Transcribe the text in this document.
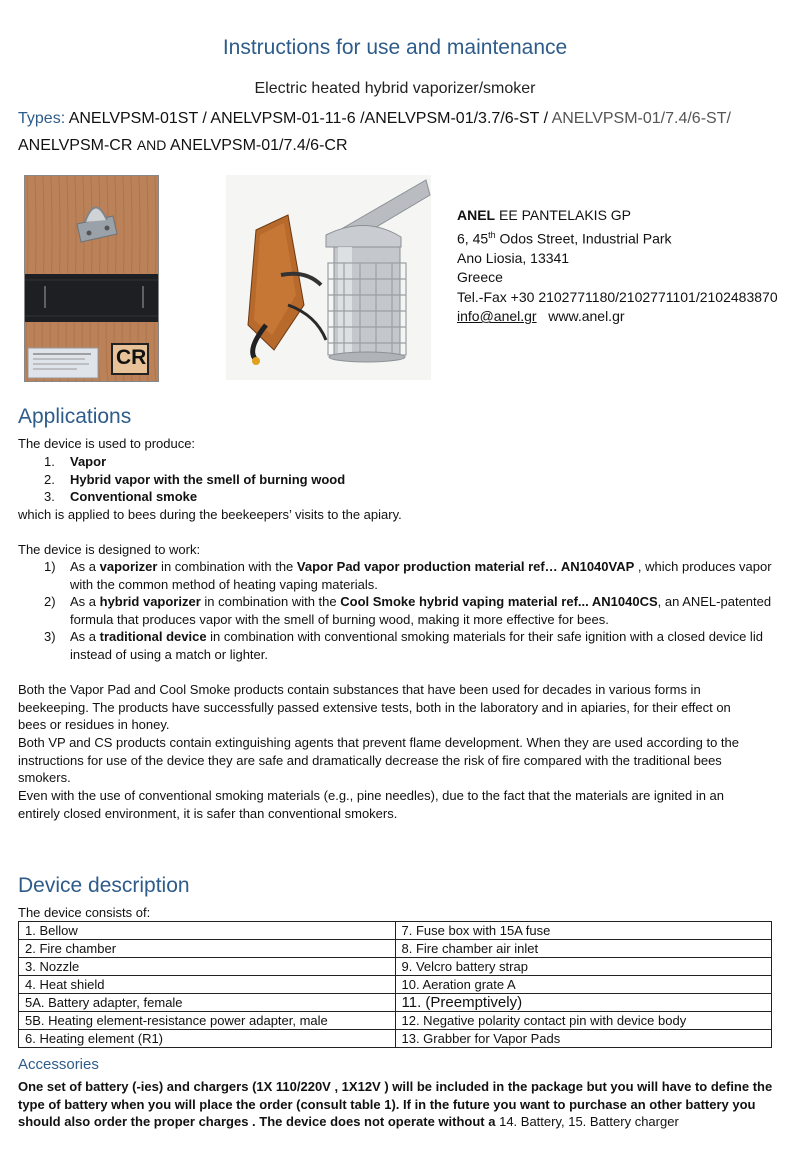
Instructions for use and maintenance
Electric heated hybrid vaporizer/smoker
Types: ANELVPSM-01ST / ANELVPSM-01-11-6 /ANELVPSM-01/3.7/6-ST / ANELVPSM-01/7.4/6-ST/
ANELVPSM-CR AND ANELVPSM-01/7.4/6-CR
CR
ANEL EE PANTELAKIS GP
6, 45th Odos Street, Industrial Park
Ano Liosia, 13341
Greece
Tel.-Fax +30 2102771180/2102771101/2102483870
info@anel.gr www.anel.gr
Applications
The device is used to produce:
1. Vapor
2. Hybrid vapor with the smell of burning wood
3. Conventional smoke
which is applied to bees during the beekeepers’ visits to the apiary.
The device is designed to work:
1)	As a vaporizer in combination with the Vapor Pad vapor production material ref… AN1040VAP , which produces vapor with the common method of heating vaping materials.
2)	As a hybrid vaporizer in combination with the Cool Smoke hybrid vaping material ref... AN1040CS, an ANEL-patented formula that produces vapor with the smell of burning wood, making it more effective for bees.
3)	As a traditional device in combination with conventional smoking materials for their safe ignition with a closed device lid instead of using a match or lighter.
Both the Vapor Pad and Cool Smoke products contain substances that have been used for decades in various forms in beekeeping. The products have successfully passed extensive tests, both in the laboratory and in apiaries, for their effect on bees or residues in honey.
Both VP and CS products contain extinguishing agents that prevent flame development. When they are used according to the instructions for use of the device they are safe and dramatically decrease the risk of fire compared with the traditional bees smokers.
Even with the use of conventional smoking materials (e.g., pine needles), due to the fact that the materials are ignited in an entirely closed environment, it is safer than conventional smokers.
Device description
The device consists of:
1. Bellow	7. Fuse box with 15A fuse
2. Fire chamber	8. Fire chamber air inlet
3. Nozzle	9. Velcro battery strap
4. Heat shield	10. Aeration grate A
5A. Battery adapter, female	11. (Preemptively)
5B. Heating element-resistance power adapter, male	12. Negative polarity contact pin with device body
6. Heating element (R1)	13. Grabber for Vapor Pads
Accessories
One set of battery (-ies) and chargers (1X 110/220V , 1X12V ) will be included in the package but you will have to define the type of battery when you will place the order (consult table 1). If in the future you want to purchase an other battery you should also order the proper charges . The device does not operate without a 14. Battery, 15. Battery charger
